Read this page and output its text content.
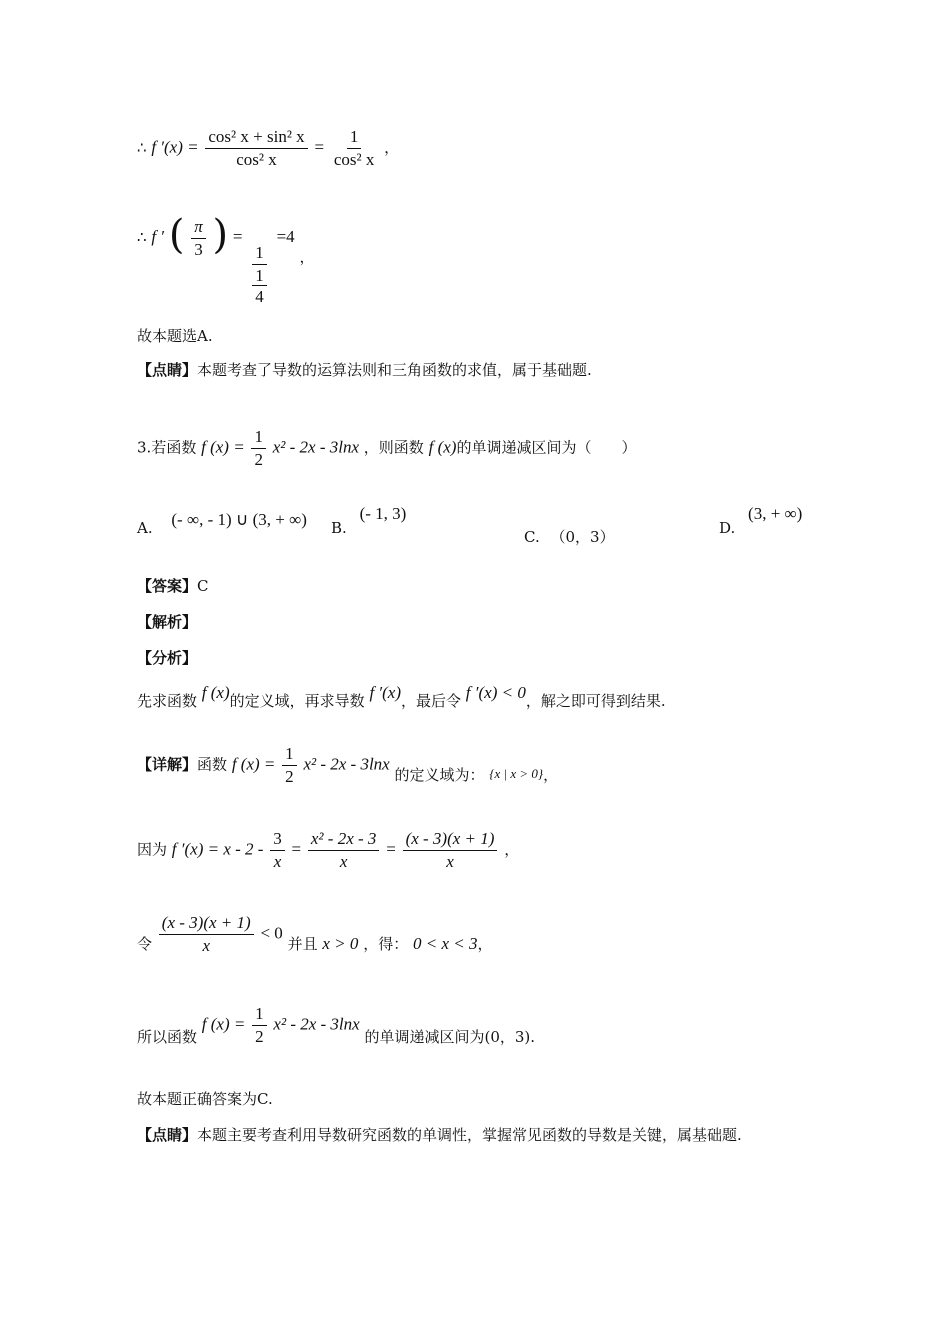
∴ f $'(x) = \frac{\text{cos² x + sin² x}}{\text{cos² x}} = \frac{1}{\text{cos² x}}$ ，
∴ f ′ ( $\frac{\pi}{3}$ ) =
$\frac{1}{\frac{1}{4}}$
=4 ，
故本题选A.
【点睛】本题考查了导数的运算法则和三角函数的求值，属于基础题.
3.若函数 f $(x) = \frac{1}{2} x^2 - 2x - 3\ln x$ ，则函数 f (x)的单调递减区间为（　　）
A. (- ∞, - 1) ∪ (3, + ∞) B. (- 1, 3)
C. （0，3）	D. (3, + ∞)
【答案】C
【解析】
【分析】
先求函数 f (x)的定义域，再求导数 f ′(x)，最后令 f ′(x) < 0，解之即可得到结果.
【详解】函数 f $(x) = \frac{1}{2} x^2 - 2x - 3\ln x$ 的定义域为： {x | x > 0}，
因为 f $'(x) = x - 2 - \frac{3}{x} = \frac{\text{x² - 2x - 3}}{x} = \frac{(x - 3)(x + 1)}{x}$ ，
令 $\frac{(x - 3)(x + 1)}{x} < 0$ 并且 x > 0 ，得： 0 < x < 3，
所以函数 f $(x) = \frac{1}{2} x^2 - 2x - 3\ln x$ 的单调递减区间为(0，3).
故本题正确答案为C.
【点睛】本题主要考查利用导数研究函数的单调性，掌握常见函数的导数是关键，属基础题.
